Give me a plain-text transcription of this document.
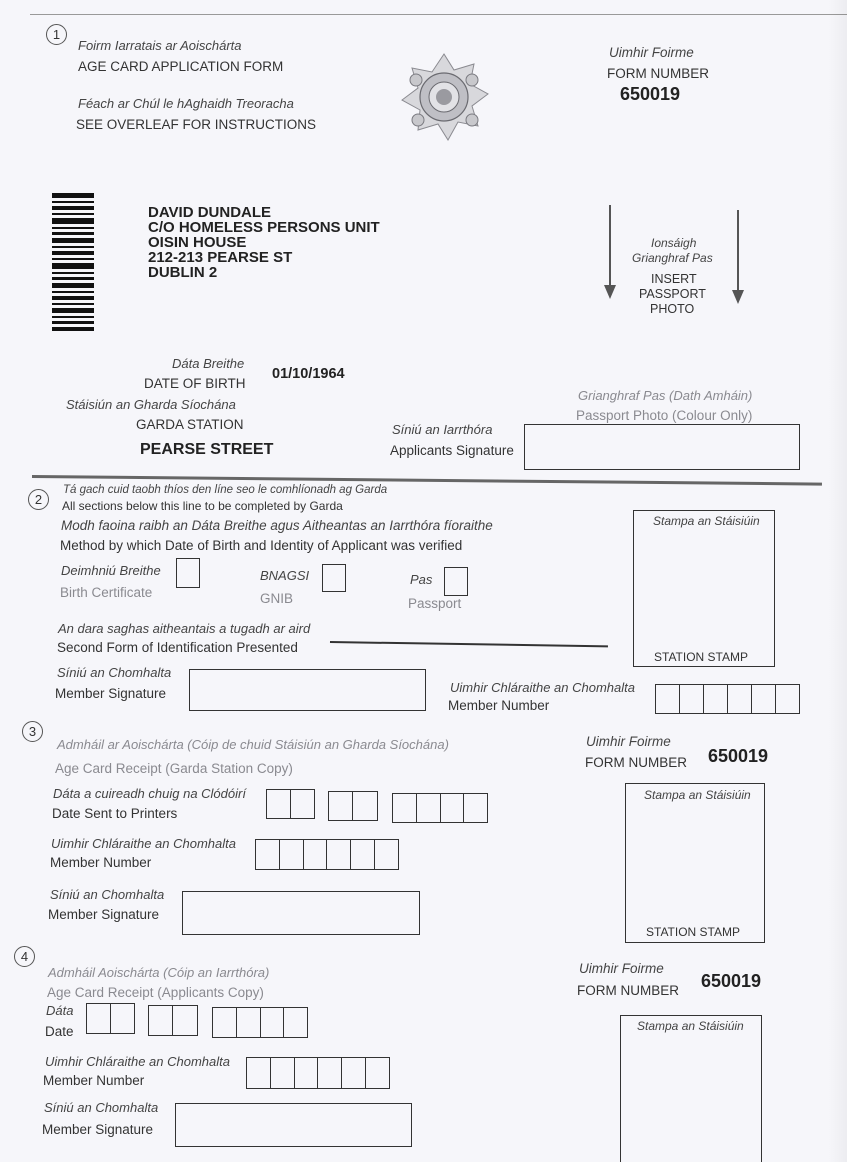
1
Foirm Iarratais ar Aoischárta
AGE CARD APPLICATION FORM
Féach ar Chúl le hAghaidh Treoracha
SEE OVERLEAF FOR INSTRUCTIONS
Uimhir Foirme
FORM NUMBER
650019
DAVID DUNDALE
C/O HOMELESS PERSONS UNIT
OISIN HOUSE
212-213 PEARSE ST
DUBLIN 2
Ionsáigh
Grianghraf Pas
INSERT
PASSPORT
PHOTO
Dáta Breithe
DATE OF BIRTH
01/10/1964
Stáisiún an Gharda Síochána
GARDA STATION
PEARSE STREET
Grianghraf Pas (Dath Amháin)
Passport Photo (Colour Only)
Síniú an Iarrthóra
Applicants Signature
2
Tá gach cuid taobh thíos den líne seo le comhlíonadh ag Garda
All sections below this line to be completed by Garda
Modh faoina raibh an Dáta Breithe agus Aitheantas an Iarrthóra fíoraithe
Method by which Date of Birth and Identity of Applicant was verified
Deimhniú Breithe
Birth Certificate
BNAGSI
GNIB
Pas
Passport
An dara saghas aitheantais a tugadh ar aird
Second Form of Identification Presented
Síniú an Chomhalta
Member Signature	Uimhir Chláraithe an Chomhalta
Member Number
Stampa an Stáisiúin
STATION STAMP
3
Admháil ar Aoischárta (Cóip de chuid Stáisiún an Gharda Síochána)
Age Card Receipt (Garda Station Copy)
Uimhir Foirme
FORM NUMBER 650019
Dáta a cuireadh chuig na Clódóirí
Date Sent to Printers
Uimhir Chláraithe an Chomhalta
Member Number
Síniú an Chomhalta
Member Signature
Stampa an Stáisiúin
STATION STAMP
4
Admháil Aoischárta (Cóip an Iarrthóra)
Age Card Receipt (Applicants Copy)
Uimhir Foirme
FORM NUMBER 650019
Dáta
Date
Uimhir Chláraithe an Chomhalta
Member Number
Síniú an Chomhalta
Member Signature
Stampa an Stáisiúin
